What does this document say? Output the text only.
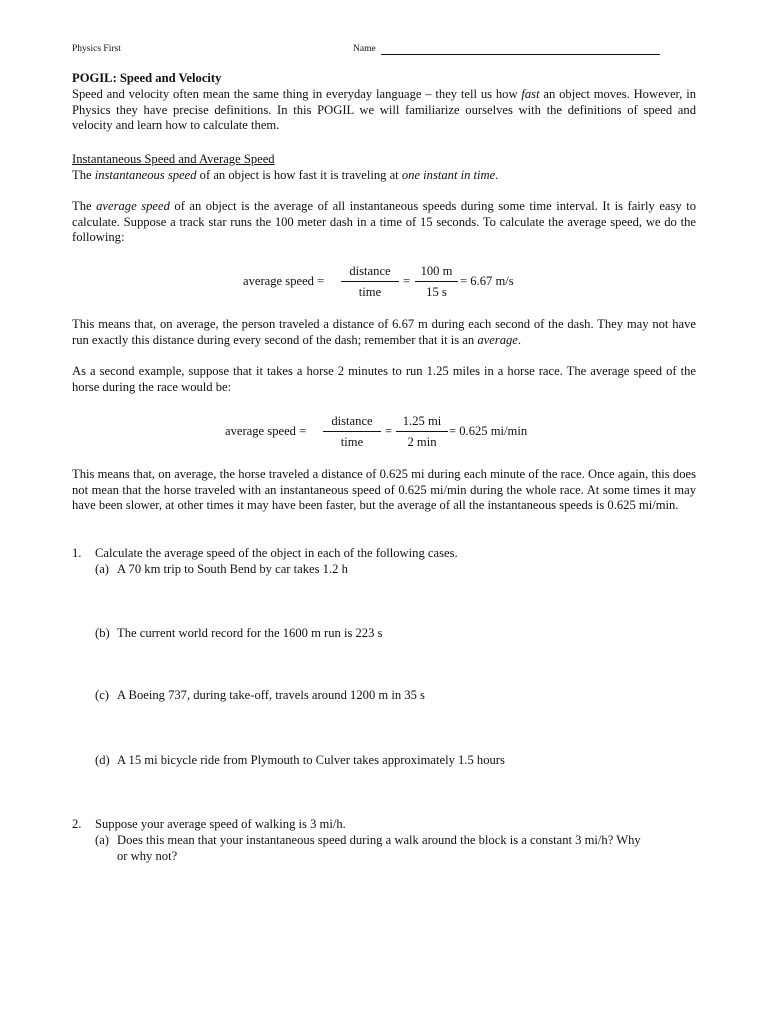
Physics First	Name
POGIL: Speed and Velocity

Speed and velocity often mean the same thing in everyday language – they tell us how fast an object moves. However, in Physics they have precise definitions. In this POGIL we will familiarize ourselves with the definitions of speed and velocity and learn how to calculate them.

Instantaneous Speed and Average Speed
The instantaneous speed of an object is how fast it is traveling at one instant in time.

The average speed of an object is the average of all instantaneous speeds during some time interval. It is fairly easy to calculate. Suppose a track star runs the 100 meter dash in a time of 15 seconds. To calculate the average speed, we do the following:

average speed =
distance
time
= $\frac{100 m}{15 s} = 6.67$ m/s

This means that, on average, the person traveled a distance of 6.67 m during each second of the dash. They may not have run exactly this distance during every second of the dash; remember that it is an average.

As a second example, suppose that it takes a horse 2 minutes to run 1.25 miles in a horse race. The average speed of the horse during the race would be:

average speed =
distance
time
=
1.25 mi
2 min
= 0.625 mi/min

This means that, on average, the horse traveled a distance of 0.625 mi during each minute of the race. Once again, this does not mean that the horse traveled with an instantaneous speed of 0.625 mi/min during the whole race. At some times it may have been slower, at other times it may have been faster, but the average of all the instantaneous speeds is 0.625 mi/min.

1. Calculate the average speed of the object in each of the following cases.
(a) A 70 km trip to South Bend by car takes 1.2 h
(b) The current world record for the 1600 m run is 223 s
(c) A Boeing 737, during take-off, travels around 1200 m in 35 s
(d) A 15 mi bicycle ride from Plymouth to Culver takes approximately 1.5 hours
2. Suppose your average speed of walking is 3 mi/h.
(a) Does this mean that your instantaneous speed during a walk around the block is a constant 3 mi/h? Why
or why not?
